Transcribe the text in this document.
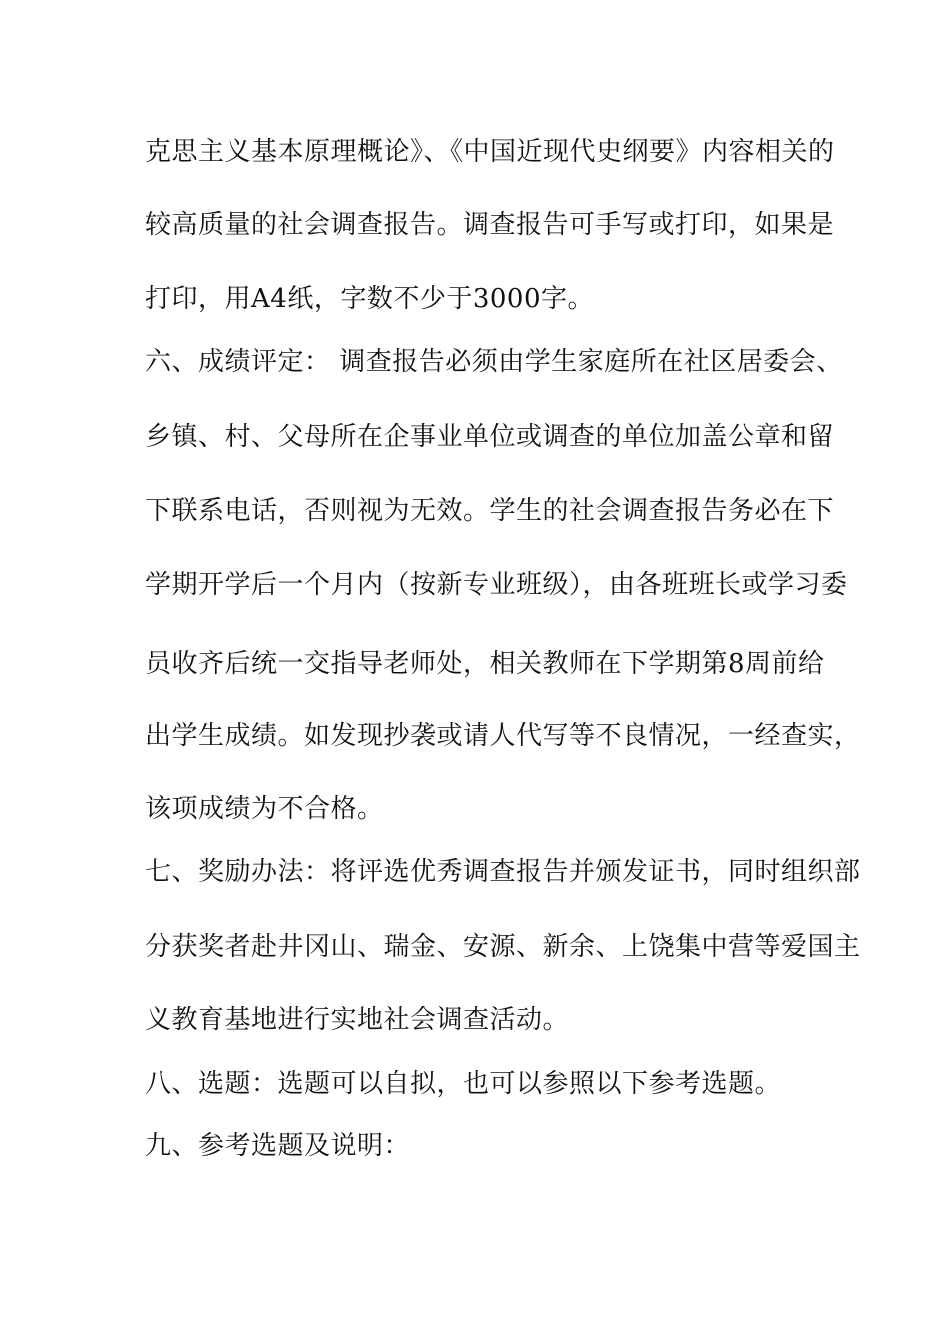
克思主义基本原理概论》、《中国近现代史纲要》内容相关的
较高质量的社会调查报告。调查报告可手写或打印，如果是
打印，用A4纸，字数不少于3000字。
六、成绩评定： 调查报告必须由学生家庭所在社区居委会、
乡镇、村、父母所在企事业单位或调查的单位加盖公章和留
下联系电话，否则视为无效。学生的社会调查报告务必在下
学期开学后一个月内（按新专业班级），由各班班长或学习委
员收齐后统一交指导老师处，相关教师在下学期第8周前给
出学生成绩。如发现抄袭或请人代写等不良情况，一经查实，
该项成绩为不合格。
七、奖励办法：将评选优秀调查报告并颁发证书，同时组织部
分获奖者赴井冈山、瑞金、安源、新余、上饶集中营等爱国主
义教育基地进行实地社会调查活动。
八、选题：选题可以自拟，也可以参照以下参考选题。
九、参考选题及说明：
